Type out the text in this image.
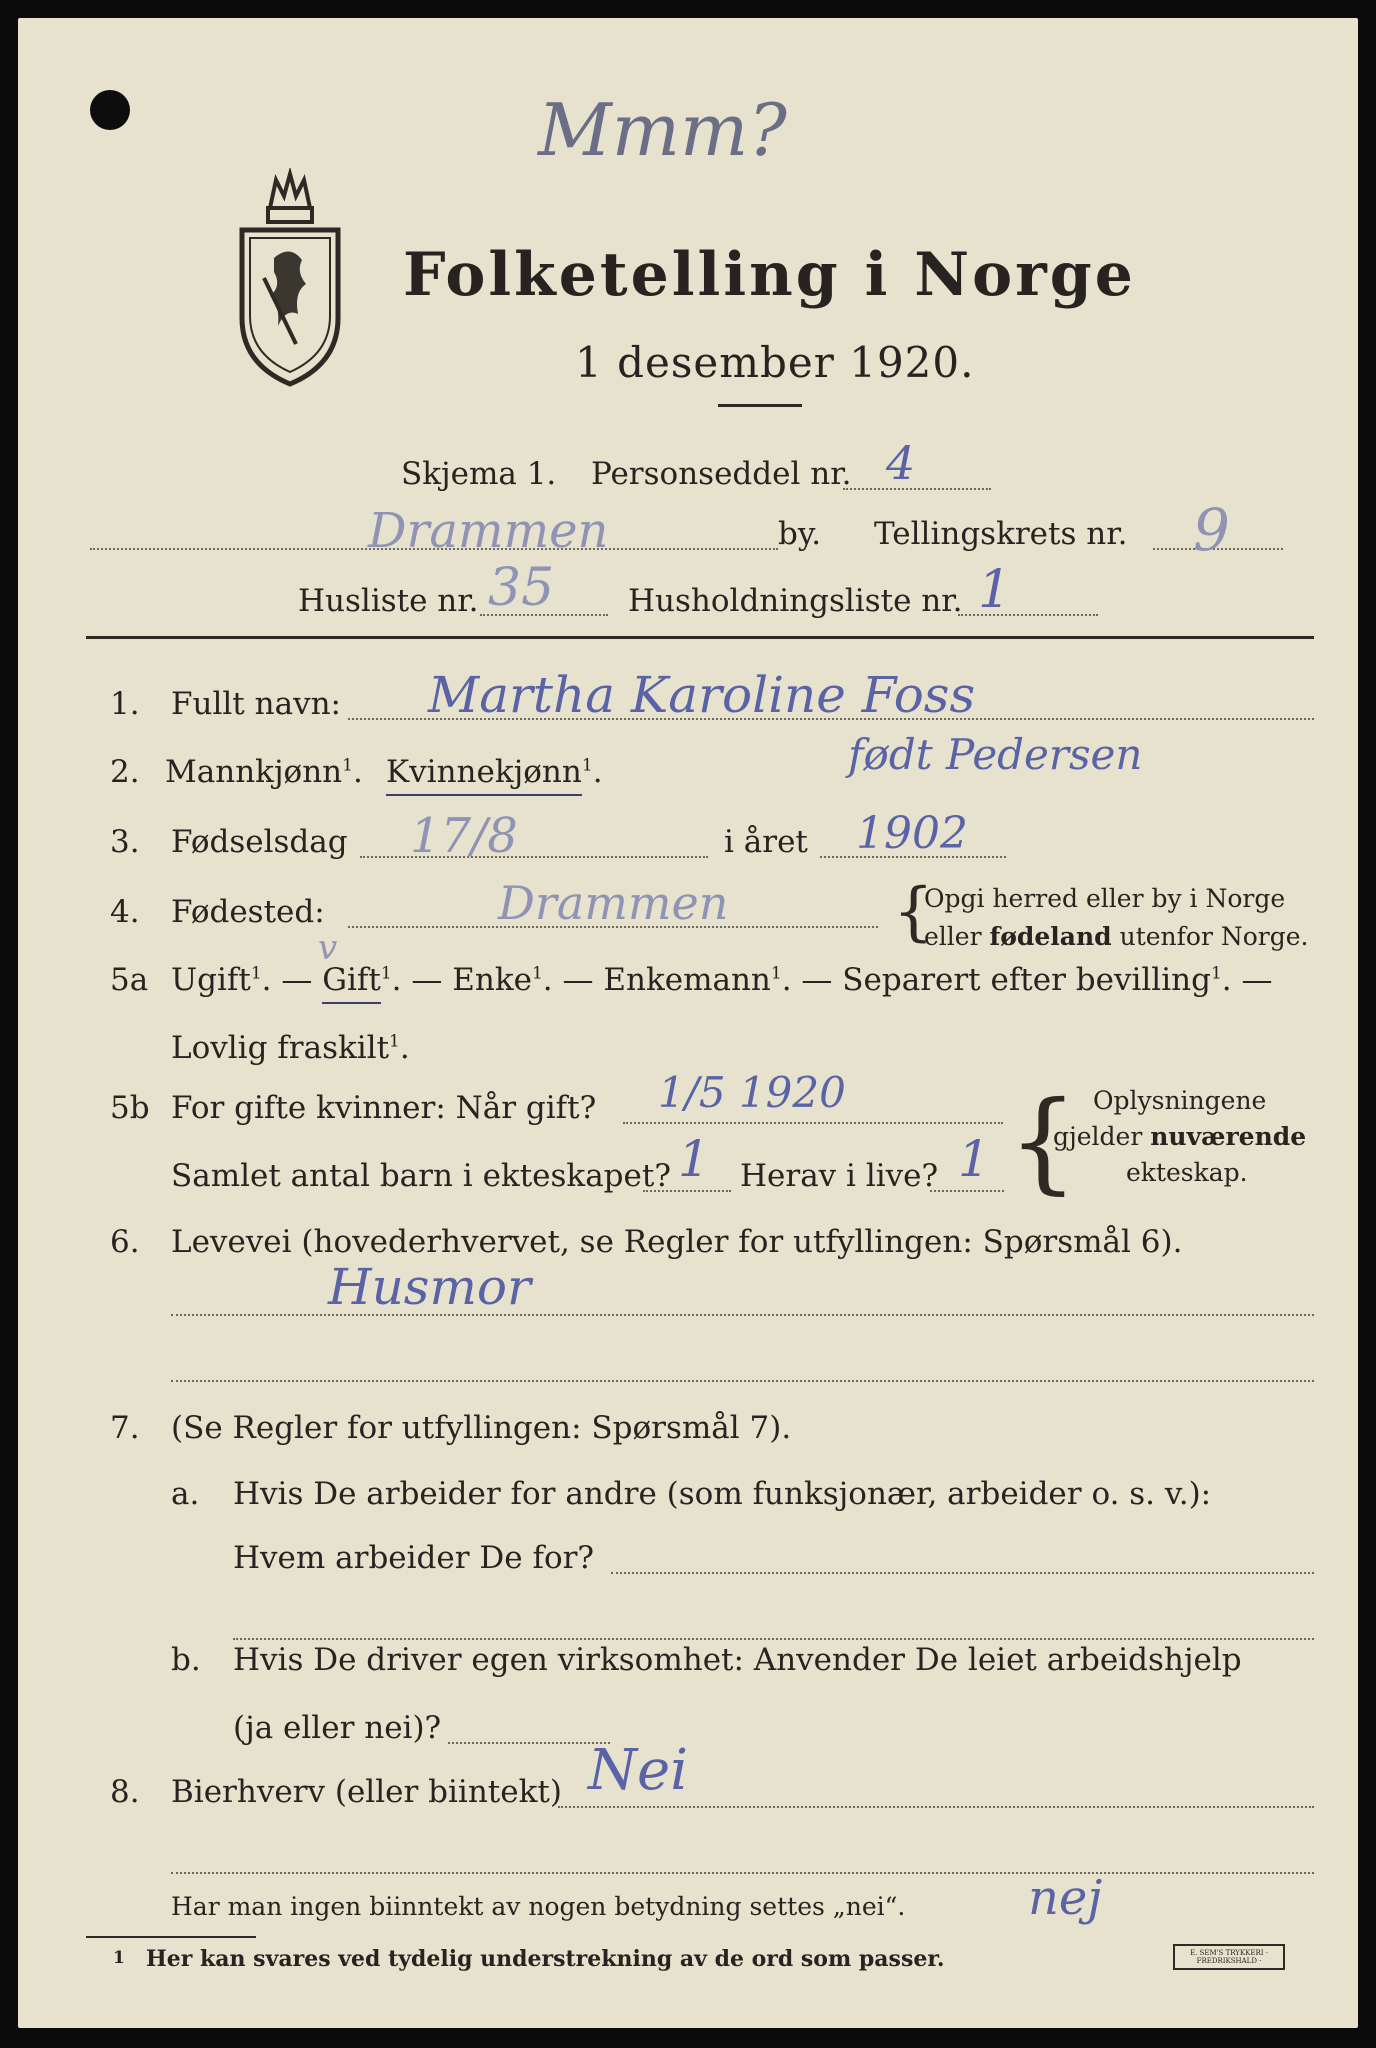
Mmm?
Folketelling i Norge
1 desember 1920.
Skjema 1. Personseddel nr. 4
Drammen	by. Tellingskrets nr. 9
Husliste nr. 35 Husholdningsliste nr. 1
1. Fullt navn: Martha Karoline Foss
født Pedersen
2. Mannkjønn$^1$. Kvinnekjønn$^1$.
3. Fødselsdag 17/8	i året 1902
4. Fødested:	Drammen	{
Opgi herred eller by i Norge
eller fødeland utenfor Norge.
5a Ugift$^1$. — Gift$^1$. — Enke$^1$. — Enkemann$^1$. — Separert efter bevilling$^1$. —
v
Lovlig fraskilt$^1$.
5b For gifte kvinner: Når gift? 1/5 1920
Samlet antal barn i ekteskapet? 1 Herav i live? 1 { Oplysningene
gjelder nuværende
ekteskap.
6. Levevei (hovederhvervet, se Regler for utfyllingen: Spørsmål 6).
Husmor
7. (Se Regler for utfyllingen: Spørsmål 7).
a. Hvis De arbeider for andre (som funksjonær, arbeider o. s. v.):
Hvem arbeider De for?
b. Hvis De driver egen virksomhet: Anvender De leiet arbeidshjelp
(ja eller nei)?
8. Bierhverv (eller biintekt) Nei
Har man ingen biinntekt av nogen betydning settes „nei“.	nej
1 Her kan svares ved tydelig understrekning av de ord som passer.	E. SEM'S TRYKKERI · FREDRIKSHALD ·
